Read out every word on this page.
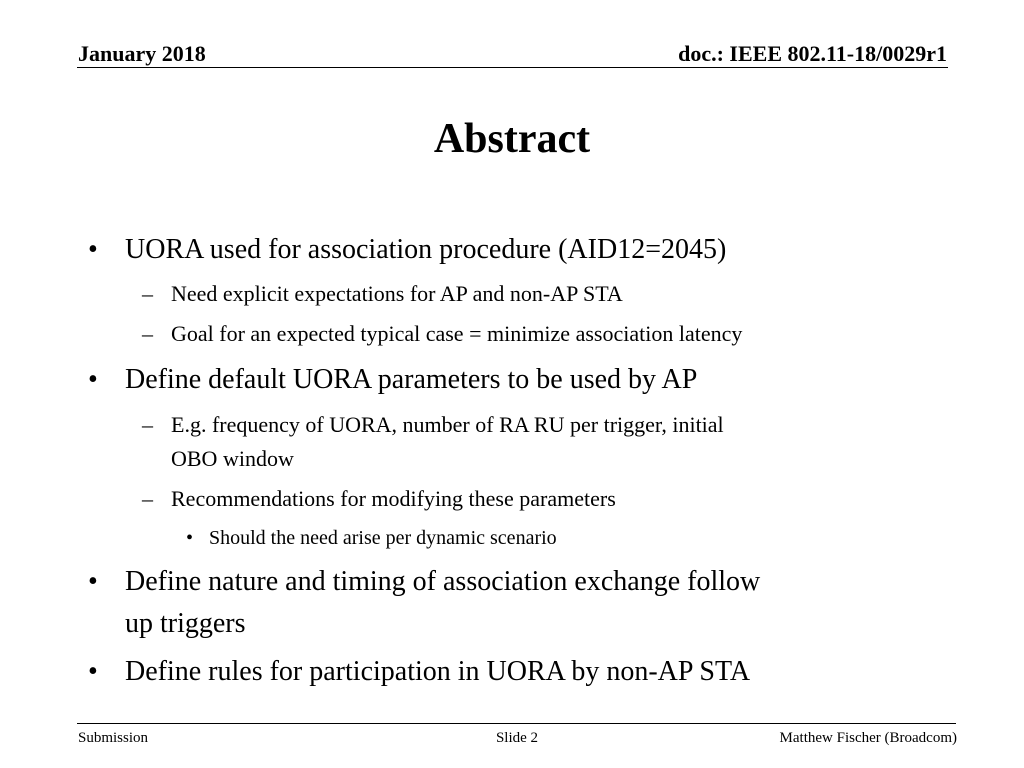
January 2018	doc.: IEEE 802.11-18/0029r1
Abstract
• UORA used for association procedure (AID12=2045)
– Need explicit expectations for AP and non-AP STA
– Goal for an expected typical case = minimize association latency
• Define default UORA parameters to be used by AP
– E.g. frequency of UORA, number of RA RU per trigger, initial
OBO window
– Recommendations for modifying these parameters
• Should the need arise per dynamic scenario
• Define nature and timing of association exchange follow
up triggers
• Define rules for participation in UORA by non-AP STA
Submission	Slide 2	Matthew Fischer (Broadcom)
